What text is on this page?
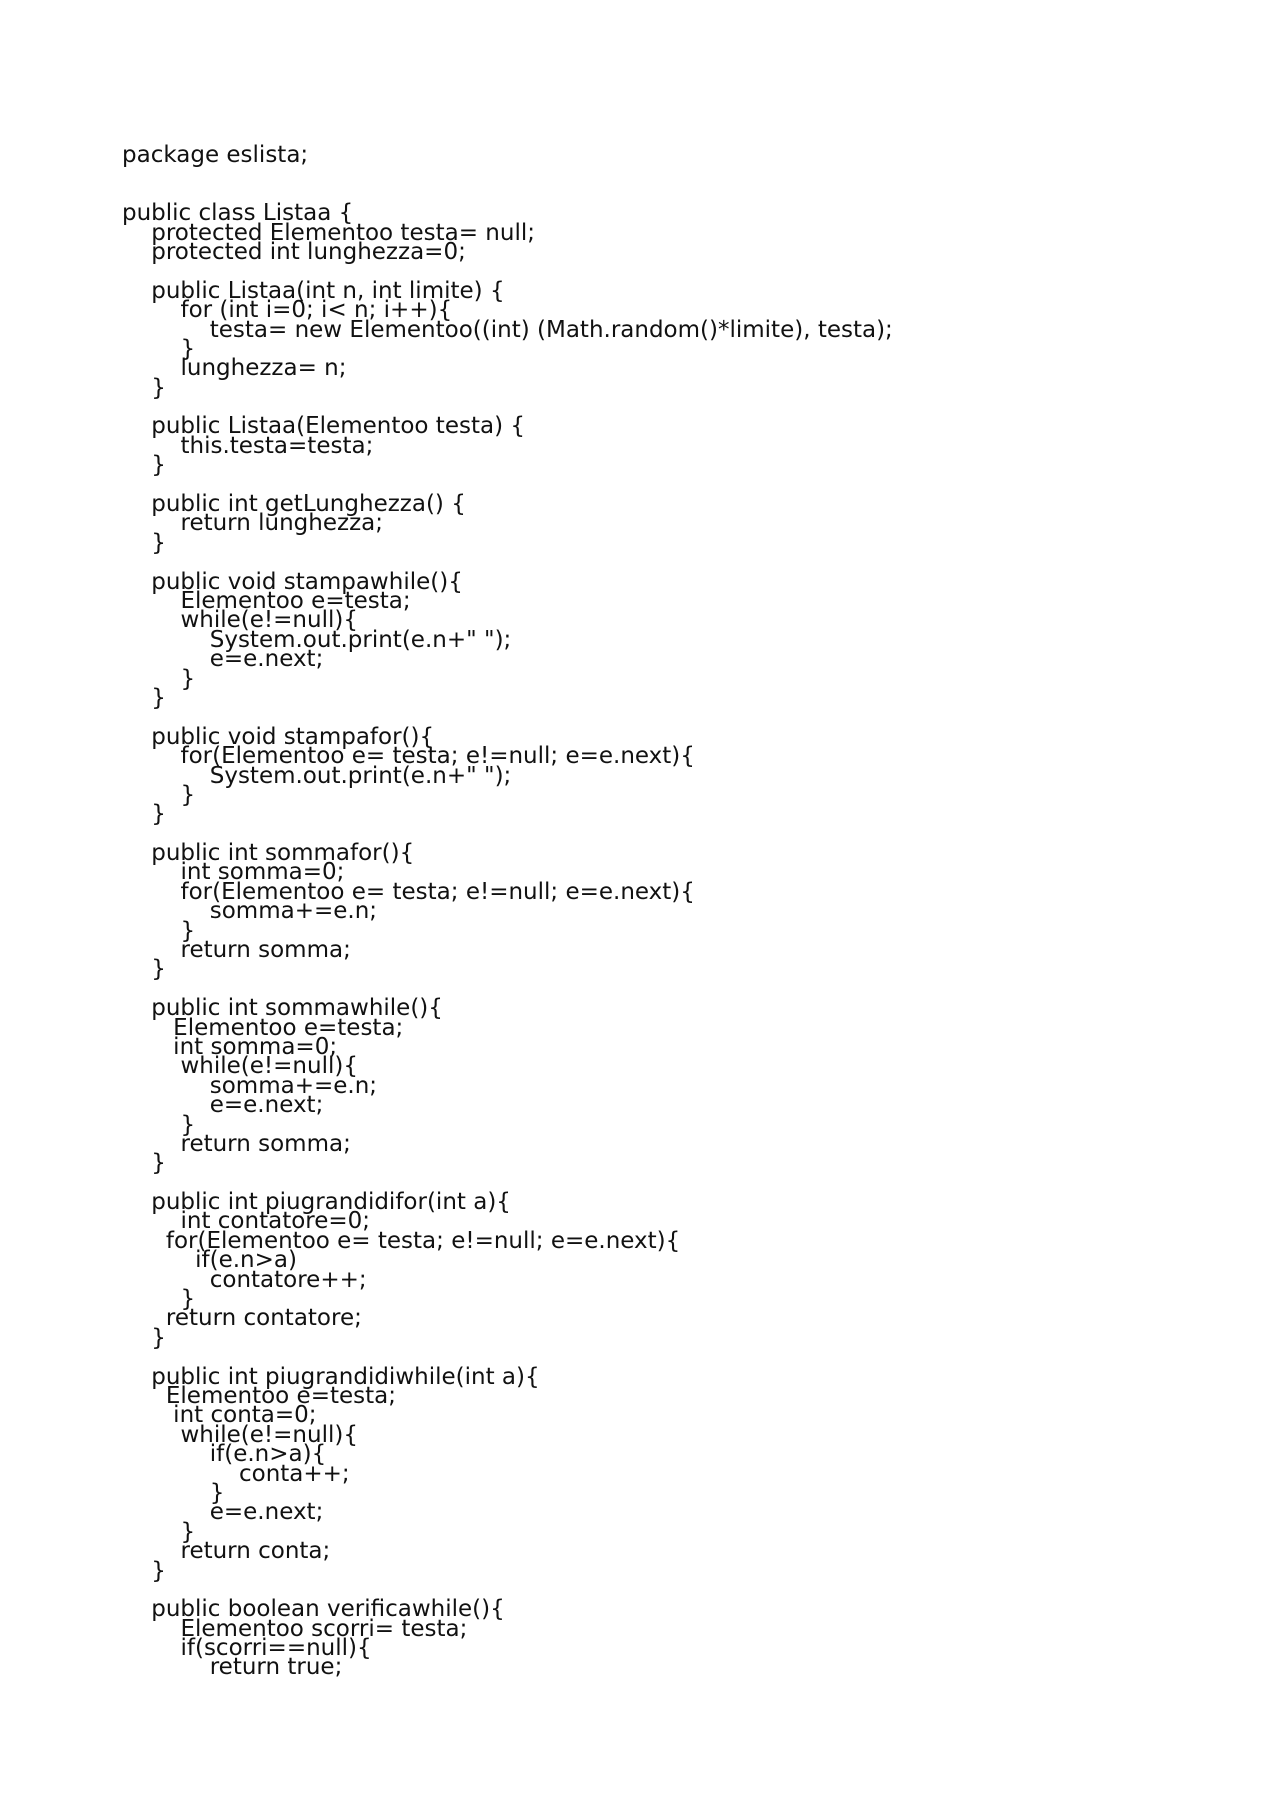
package eslista;
public class Listaa {
protected Elementoo testa= null;
protected int lunghezza=0;
public Listaa(int n, int limite) {
for (int i=0; i< n; i++){
testa= new Elementoo((int) (Math.random()*limite), testa);
}
lunghezza= n;
}
public Listaa(Elementoo testa) {
this.testa=testa;
}
public int getLunghezza() {
return lunghezza;
}
public void stampawhile(){
Elementoo e=testa;
while(e!=null){
System.out.print(e.n+" ");
e=e.next;
}
}
public void stampafor(){
for(Elementoo e= testa; e!=null; e=e.next){
System.out.print(e.n+" ");
}
}
public int sommafor(){
int somma=0;
for(Elementoo e= testa; e!=null; e=e.next){
somma+=e.n;
}
return somma;
}
public int sommawhile(){
Elementoo e=testa;
int somma=0;
while(e!=null){
somma+=e.n;
e=e.next;
}
return somma;
}
public int piugrandidifor(int a){
int contatore=0;
for(Elementoo e= testa; e!=null; e=e.next){
if(e.n>a)
contatore++;
}
return contatore;
}
public int piugrandidiwhile(int a){
Elementoo e=testa;
int conta=0;
while(e!=null){
if(e.n>a){
conta++;
}
e=e.next;
}
return conta;
}
public boolean verificawhile(){
Elementoo scorri= testa;
if(scorri==null){
return true;
